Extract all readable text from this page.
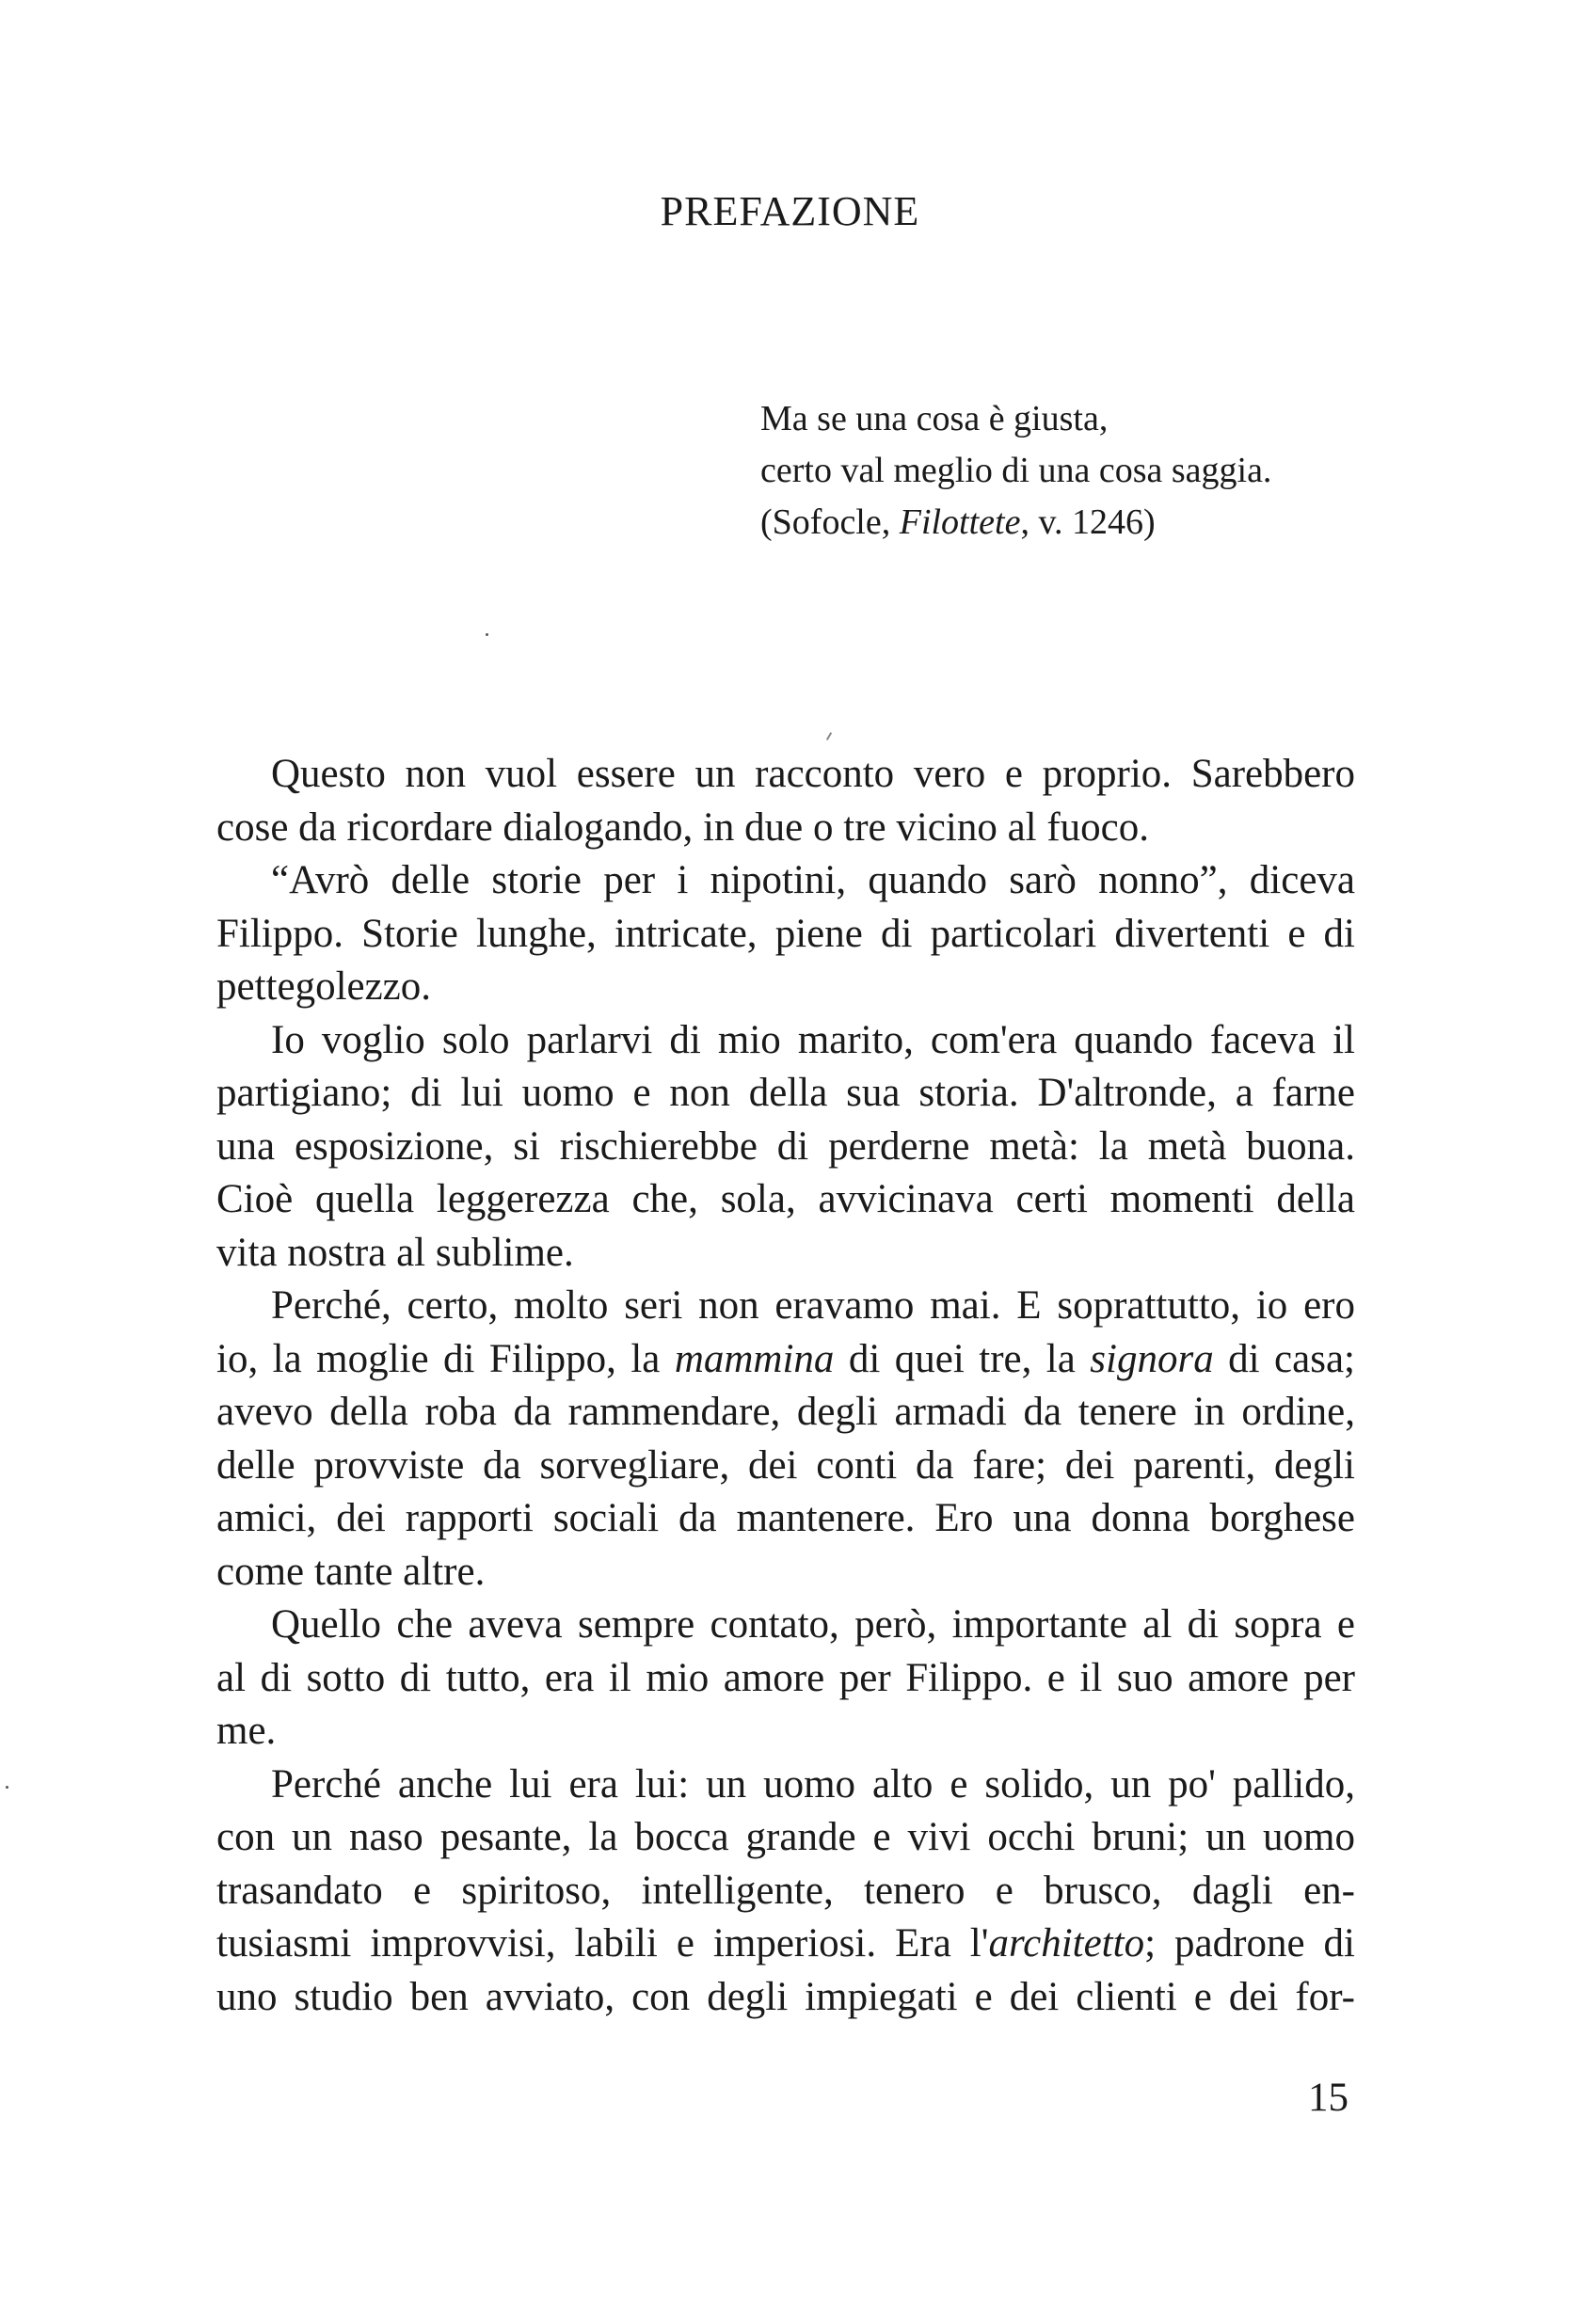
PREFAZIONE
Ma se una cosa è giusta,
certo val meglio di una cosa saggia.
(Sofocle, Filottete, v. 1246)
Questo non vuol essere un racconto vero e proprio. Sarebbero
cose da ricordare dialogando, in due o tre vicino al fuoco.
“Avrò delle storie per i nipotini, quando sarò nonno”, diceva
Filippo. Storie lunghe, intricate, piene di particolari divertenti e di
pettegolezzo.
Io voglio solo parlarvi di mio marito, com'era quando faceva il
partigiano; di lui uomo e non della sua storia. D'altronde, a farne
una esposizione, si rischierebbe di perderne metà: la metà buona.
Cioè quella leggerezza che, sola, avvicinava certi momenti della
vita nostra al sublime.
Perché, certo, molto seri non eravamo mai. E soprattutto, io ero
io, la moglie di Filippo, la mammina di quei tre, la signora di casa;
avevo della roba da rammendare, degli armadi da tenere in ordine,
delle provviste da sorvegliare, dei conti da fare; dei parenti, degli
amici, dei rapporti sociali da mantenere. Ero una donna borghese
come tante altre.
Quello che aveva sempre contato, però, importante al di sopra e
al di sotto di tutto, era il mio amore per Filippo. e il suo amore per
me.
Perché anche lui era lui: un uomo alto e solido, un po' pallido,
con un naso pesante, la bocca grande e vivi occhi bruni; un uomo
trasandato e spiritoso, intelligente, tenero e brusco, dagli en-
tusiasmi improvvisi, labili e imperiosi. Era l'architetto; padrone di
uno studio ben avviato, con degli impiegati e dei clienti e dei for-
15
